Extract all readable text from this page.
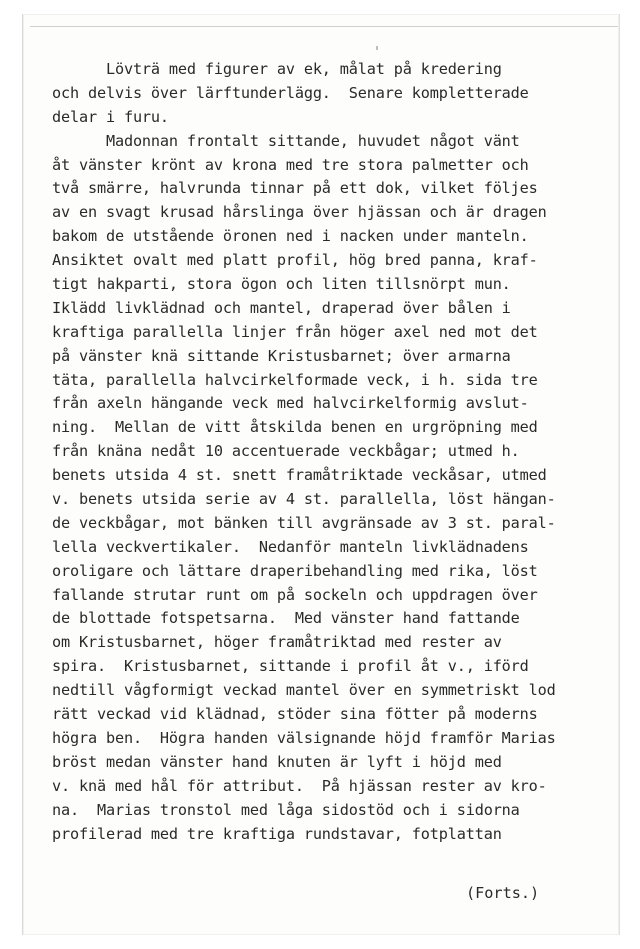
Lövträ med figurer av ek, målat på kredering
och delvis över lärftunderlägg.  Senare kompletterade
delar i furu.
Madonnan frontalt sittande, huvudet något vänt
åt vänster krönt av krona med tre stora palmetter och
två smärre, halvrunda tinnar på ett dok, vilket följes
av en svagt krusad hårslinga över hjässan och är dragen
bakom de utstående öronen ned i nacken under manteln.
Ansiktet ovalt med platt profil, hög bred panna, kraf-
tigt hakparti, stora ögon och liten tillsnörpt mun.
Iklädd livklädnad och mantel, draperad över bålen i
kraftiga parallella linjer från höger axel ned mot det
på vänster knä sittande Kristusbarnet; över armarna
täta, parallella halvcirkelformade veck, i h. sida tre
från axeln hängande veck med halvcirkelformig avslut-
ning.  Mellan de vitt åtskilda benen en urgröpning med
från knäna nedåt 10 accentuerade veckbågar; utmed h.
benets utsida 4 st. snett framåtriktade veckåsar, utmed
v. benets utsida serie av 4 st. parallella, löst hängan-
de veckbågar, mot bänken till avgränsade av 3 st. paral-
lella veckvertikaler.  Nedanför manteln livklädnadens
oroligare och lättare draperibehandling med rika, löst
fallande strutar runt om på sockeln och uppdragen över
de blottade fotspetsarna.  Med vänster hand fattande
om Kristusbarnet, höger framåtriktad med rester av
spira.  Kristusbarnet, sittande i profil åt v., iförd
nedtill vågformigt veckad mantel över en symmetriskt lod
rätt veckad vid klädnad, stöder sina fötter på moderns
högra ben.  Högra handen välsignande höjd framför Marias
bröst medan vänster hand knuten är lyft i höjd med
v. knä med hål för attribut.  På hjässan rester av kro-
na.  Marias tronstol med låga sidostöd och i sidorna
profilerad med tre kraftiga rundstavar, fotplattan
(Forts.)
